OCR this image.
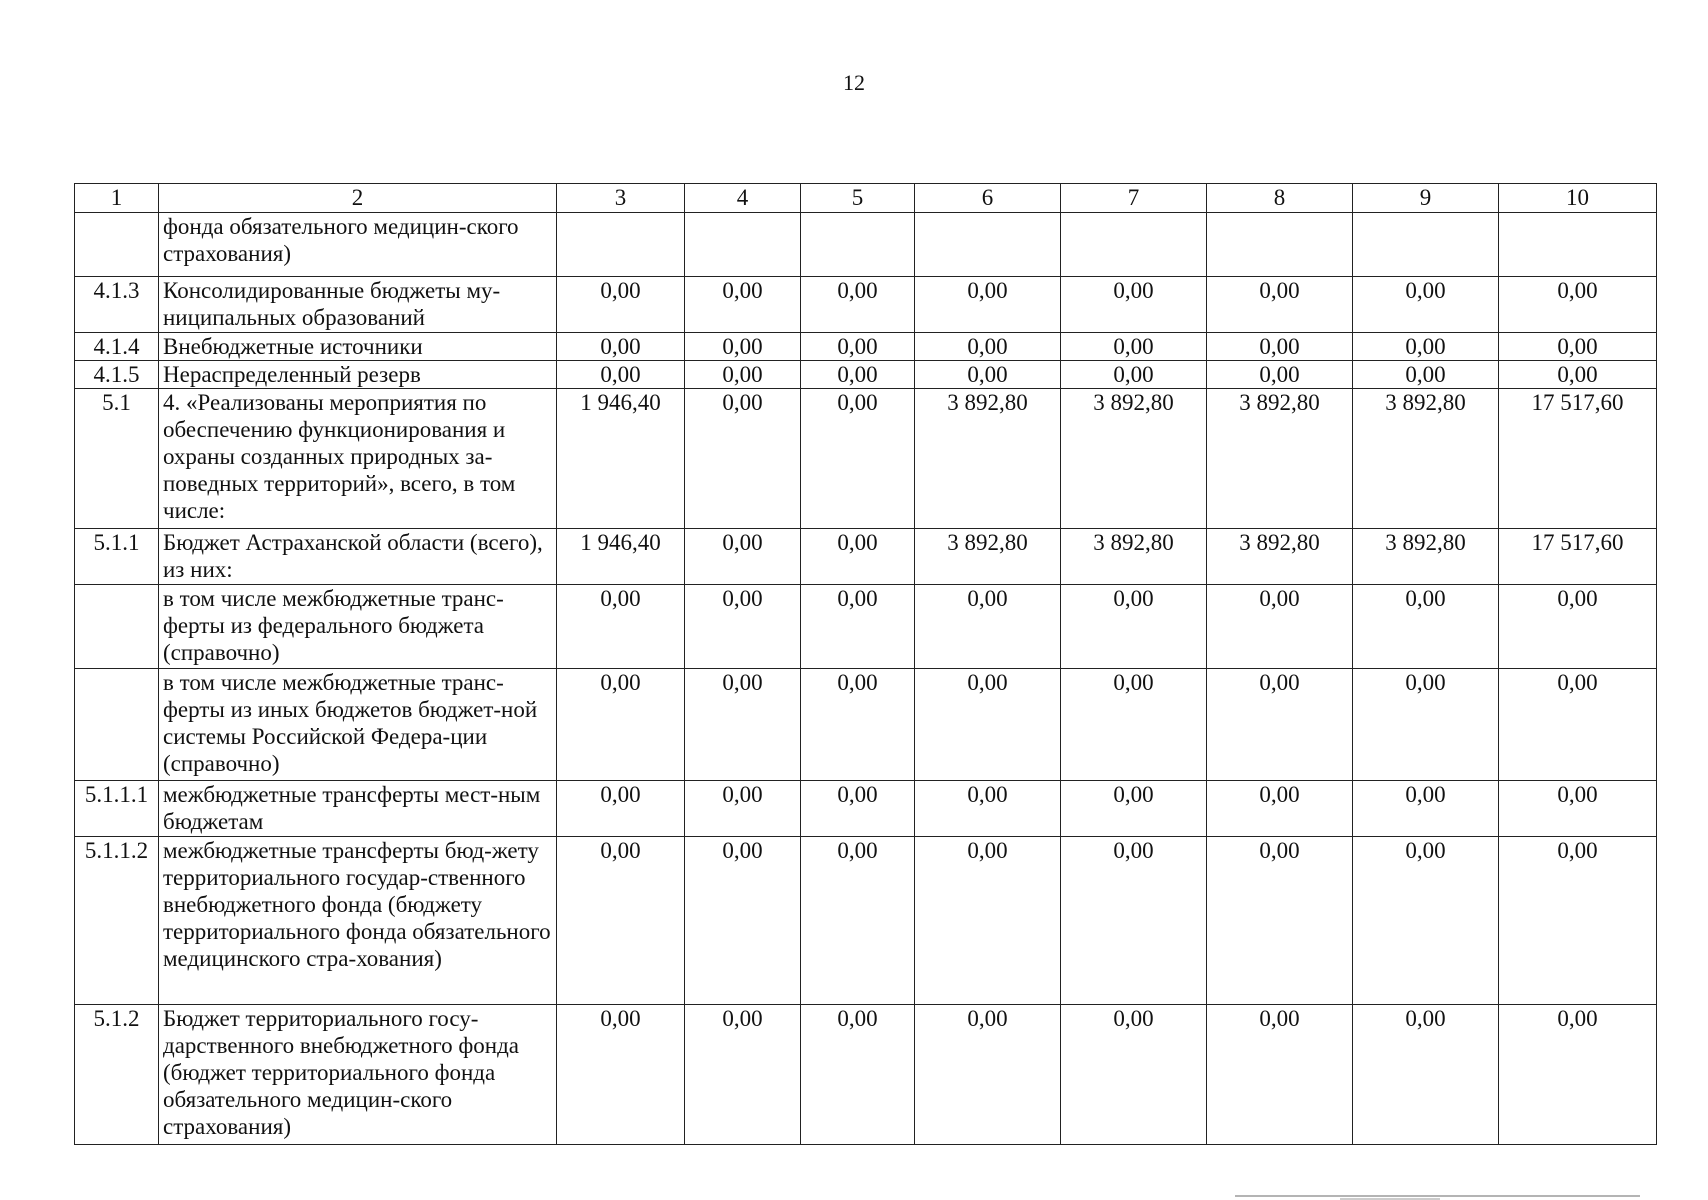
12
1	2	3	4	5	6	7	8	9	10
	фонда обязательного медицин-ского страхования)								
4.1.3	Консолидированные бюджеты му-ниципальных образований	0,00	0,00	0,00	0,00	0,00	0,00	0,00	0,00
4.1.4	Внебюджетные источники	0,00	0,00	0,00	0,00	0,00	0,00	0,00	0,00
4.1.5	Нераспределенный резерв	0,00	0,00	0,00	0,00	0,00	0,00	0,00	0,00
5.1	4. «Реализованы мероприятия по обеспечению функционирования и охраны созданных природных за-поведных территорий», всего, в том числе:	1 946,40	0,00	0,00	3 892,80	3 892,80	3 892,80	3 892,80	17 517,60
5.1.1	Бюджет Астраханской области (всего), из них:	1 946,40	0,00	0,00	3 892,80	3 892,80	3 892,80	3 892,80	17 517,60
	в том числе межбюджетные транс-ферты из федерального бюджета (справочно)	0,00	0,00	0,00	0,00	0,00	0,00	0,00	0,00
	в том числе межбюджетные транс-ферты из иных бюджетов бюджет-ной системы Российской Федера-ции (справочно)	0,00	0,00	0,00	0,00	0,00	0,00	0,00	0,00
5.1.1.1	межбюджетные трансферты мест-ным бюджетам	0,00	0,00	0,00	0,00	0,00	0,00	0,00	0,00
5.1.1.2	межбюджетные трансферты бюд-жету территориального государ-ственного внебюджетного фонда (бюджету территориального фонда обязательного медицинского стра-хования)	0,00	0,00	0,00	0,00	0,00	0,00	0,00	0,00
5.1.2	Бюджет территориального госу-дарственного внебюджетного фонда (бюджет территориального фонда обязательного медицин-ского страхования)	0,00	0,00	0,00	0,00	0,00	0,00	0,00	0,00
